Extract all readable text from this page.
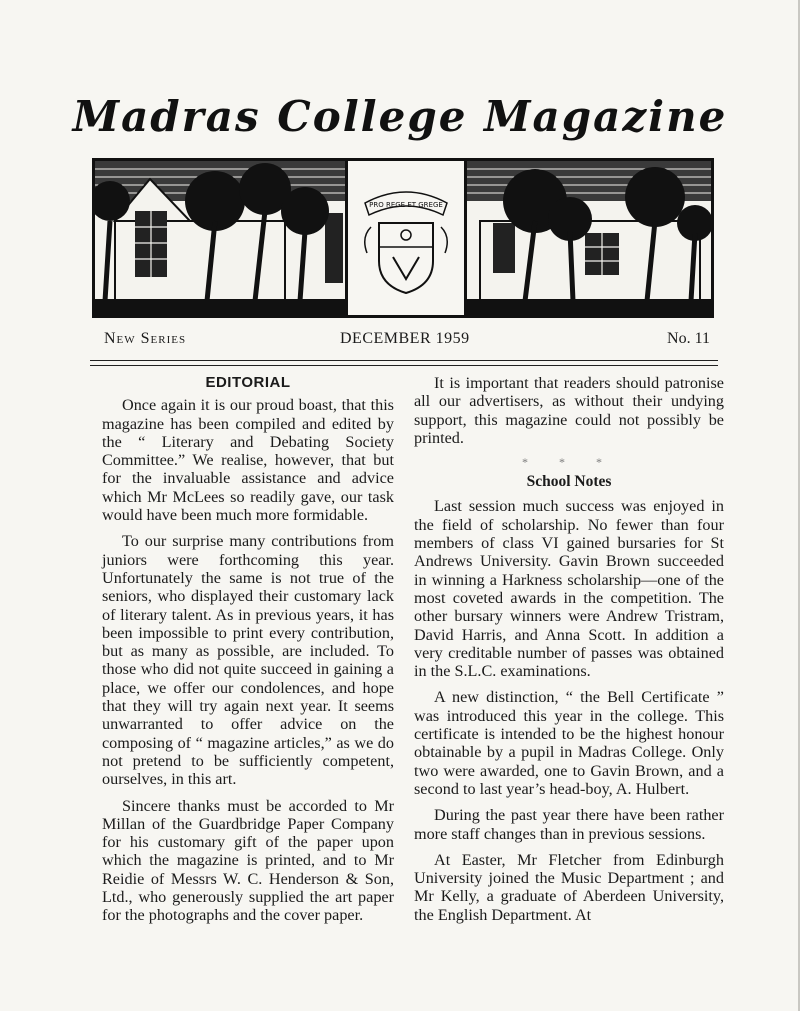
Madras College Magazine
PRO REGE ET GREGE
New Series	DECEMBER 1959	No. 11
EDITORIAL

Once again it is our proud boast, that this magazine has been compiled and edited by the “ Literary and Debating Society Committee.” We realise, however, that but for the invaluable assistance and advice which Mr McLees so readily gave, our task would have been much more formidable.

To our surprise many contributions from juniors were forthcoming this year. Unfortunately the same is not true of the seniors, who displayed their customary lack of literary talent. As in previous years, it has been impossible to print every contribution, but as many as possible, are included. To those who did not quite succeed in gaining a place, we offer our condolences, and hope that they will try again next year. It seems unwarranted to offer advice on the composing of “ magazine articles,” as we do not pretend to be sufficiently competent, ourselves, in this art.

Sincere thanks must be accorded to Mr Millan of the Guardbridge Paper Company for his customary gift of the paper upon which the magazine is printed, and to Mr Reidie of Messrs W. C. Henderson & Son, Ltd., who generously supplied the art paper for the photographs and the cover paper.

It is important that readers should patronise all our advertisers, as without their undying support, this magazine could not possibly be printed.

* * *
School Notes

Last session much success was enjoyed in the field of scholarship. No fewer than four members of class VI gained bursaries for St Andrews University. Gavin Brown succeeded in winning a Harkness scholarship—one of the most coveted awards in the competition. The other bursary winners were Andrew Tristram, David Harris, and Anna Scott. In addition a very creditable number of passes was obtained in the S.L.C. examinations.

A new distinction, “ the Bell Certificate ” was introduced this year in the college. This certificate is intended to be the highest honour obtainable by a pupil in Madras College. Only two were awarded, one to Gavin Brown, and a second to last year’s head-boy, A. Hulbert.

During the past year there have been rather more staff changes than in previous sessions.

At Easter, Mr Fletcher from Edinburgh University joined the Music Department ; and Mr Kelly, a graduate of Aberdeen University, the English Department. At
